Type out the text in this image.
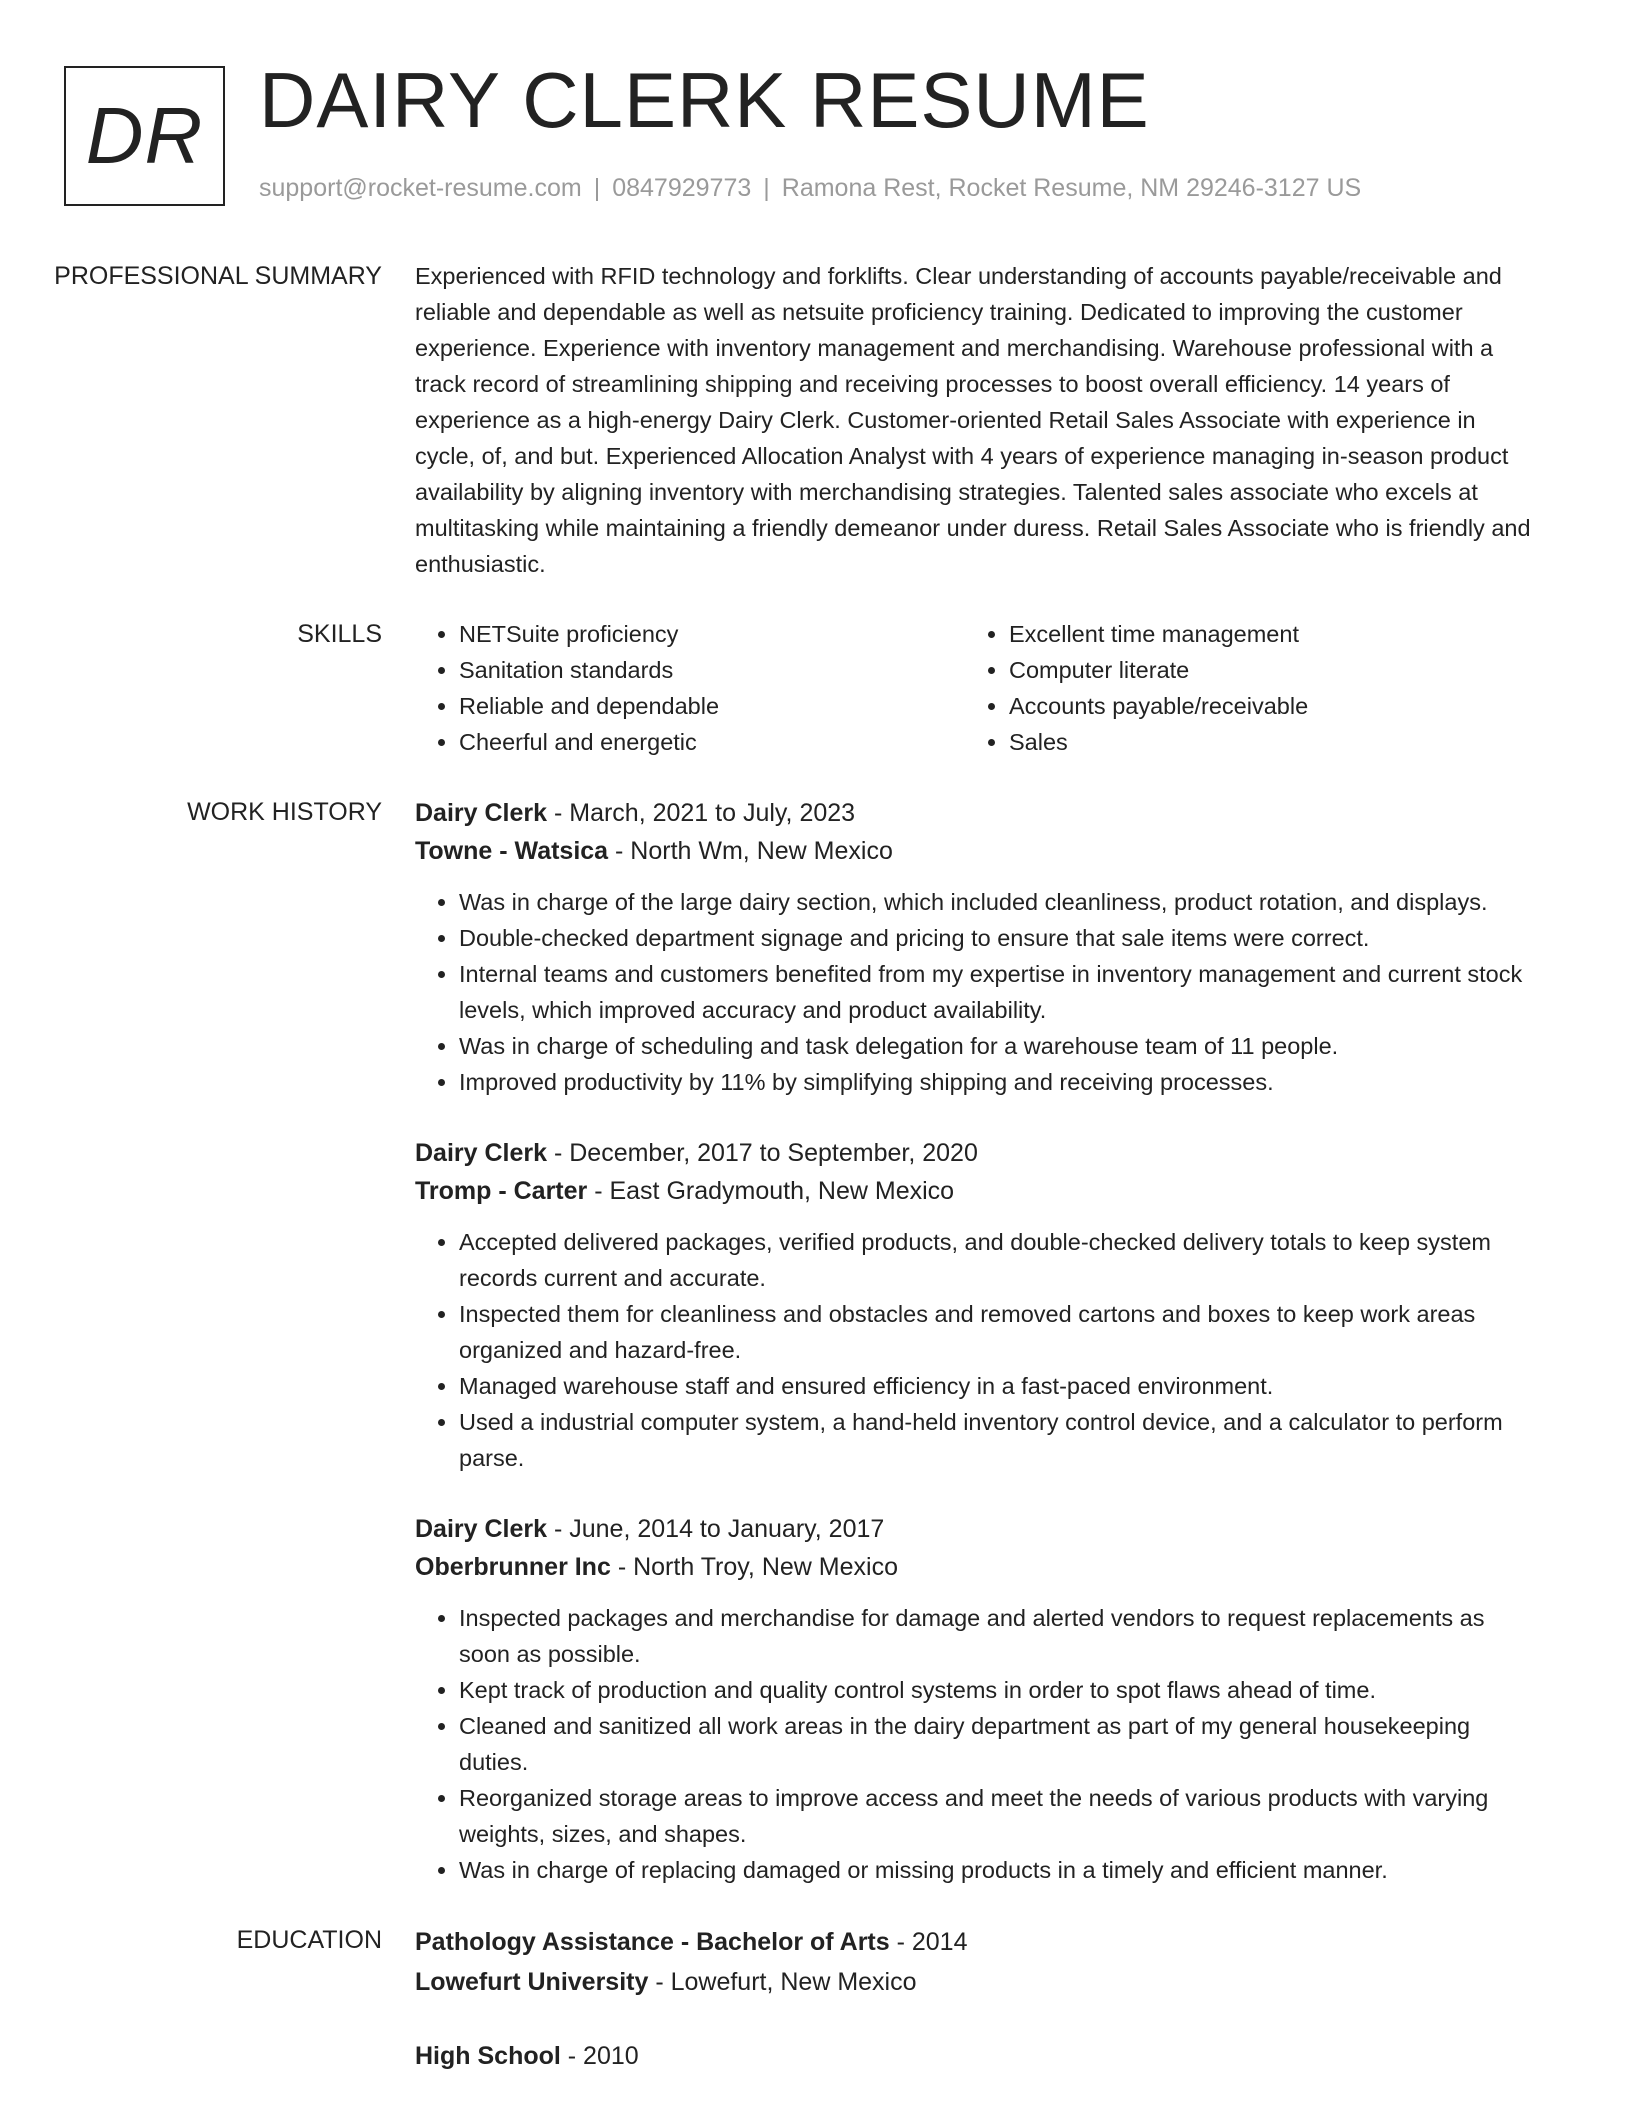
DR DAIRY CLERK RESUME
support@rocket-resume.com | 0847929773 | Ramona Rest, Rocket Resume, NM 29246-3127 US
PROFESSIONAL SUMMARY	Experienced with RFID technology and forklifts. Clear understanding of accounts payable/receivable and reliable and dependable as well as netsuite proficiency training. Dedicated to improving the customer experience. Experience with inventory management and merchandising. Warehouse professional with a track record of streamlining shipping and receiving processes to boost overall efficiency. 14 years of experience as a high-energy Dairy Clerk. Customer-oriented Retail Sales Associate with experience in cycle, of, and but. Experienced Allocation Analyst with 4 years of experience managing in-season product availability by aligning inventory with merchandising strategies. Talented sales associate who excels at multitasking while maintaining a friendly demeanor under duress. Retail Sales Associate who is friendly and enthusiastic.

SKILLS
•	NETSuite proficiency
• Sanitation standards
• Reliable and dependable
• Cheerful and energetic
• Excellent time management
• Computer literate
• Accounts payable/receivable
• Sales
WORK HISTORY	Dairy Clerk - March, 2021 to July, 2023
Towne - Watsica - North Wm, New Mexico
• Was in charge of the large dairy section, which included cleanliness, product rotation, and displays.
• Double-checked department signage and pricing to ensure that sale items were correct.
• Internal teams and customers benefited from my expertise in inventory management and current stock levels, which improved accuracy and product availability.
• Was in charge of scheduling and task delegation for a warehouse team of 11 people.
• Improved productivity by 11% by simplifying shipping and receiving processes.
Dairy Clerk - December, 2017 to September, 2020
Tromp - Carter - East Gradymouth, New Mexico
• Accepted delivered packages, verified products, and double-checked delivery totals to keep system records current and accurate.
• Inspected them for cleanliness and obstacles and removed cartons and boxes to keep work areas organized and hazard-free.
• Managed warehouse staff and ensured efficiency in a fast-paced environment.
• Used a industrial computer system, a hand-held inventory control device, and a calculator to perform parse.
Dairy Clerk - June, 2014 to January, 2017
Oberbrunner Inc - North Troy, New Mexico
• Inspected packages and merchandise for damage and alerted vendors to request replacements as soon as possible.
• Kept track of production and quality control systems in order to spot flaws ahead of time.
• Cleaned and sanitized all work areas in the dairy department as part of my general housekeeping duties.
• Reorganized storage areas to improve access and meet the needs of various products with varying weights, sizes, and shapes.
• Was in charge of replacing damaged or missing products in a timely and efficient manner.
EDUCATION	Pathology Assistance - Bachelor of Arts - 2014
Lowefurt University - Lowefurt, New Mexico
High School - 2010
